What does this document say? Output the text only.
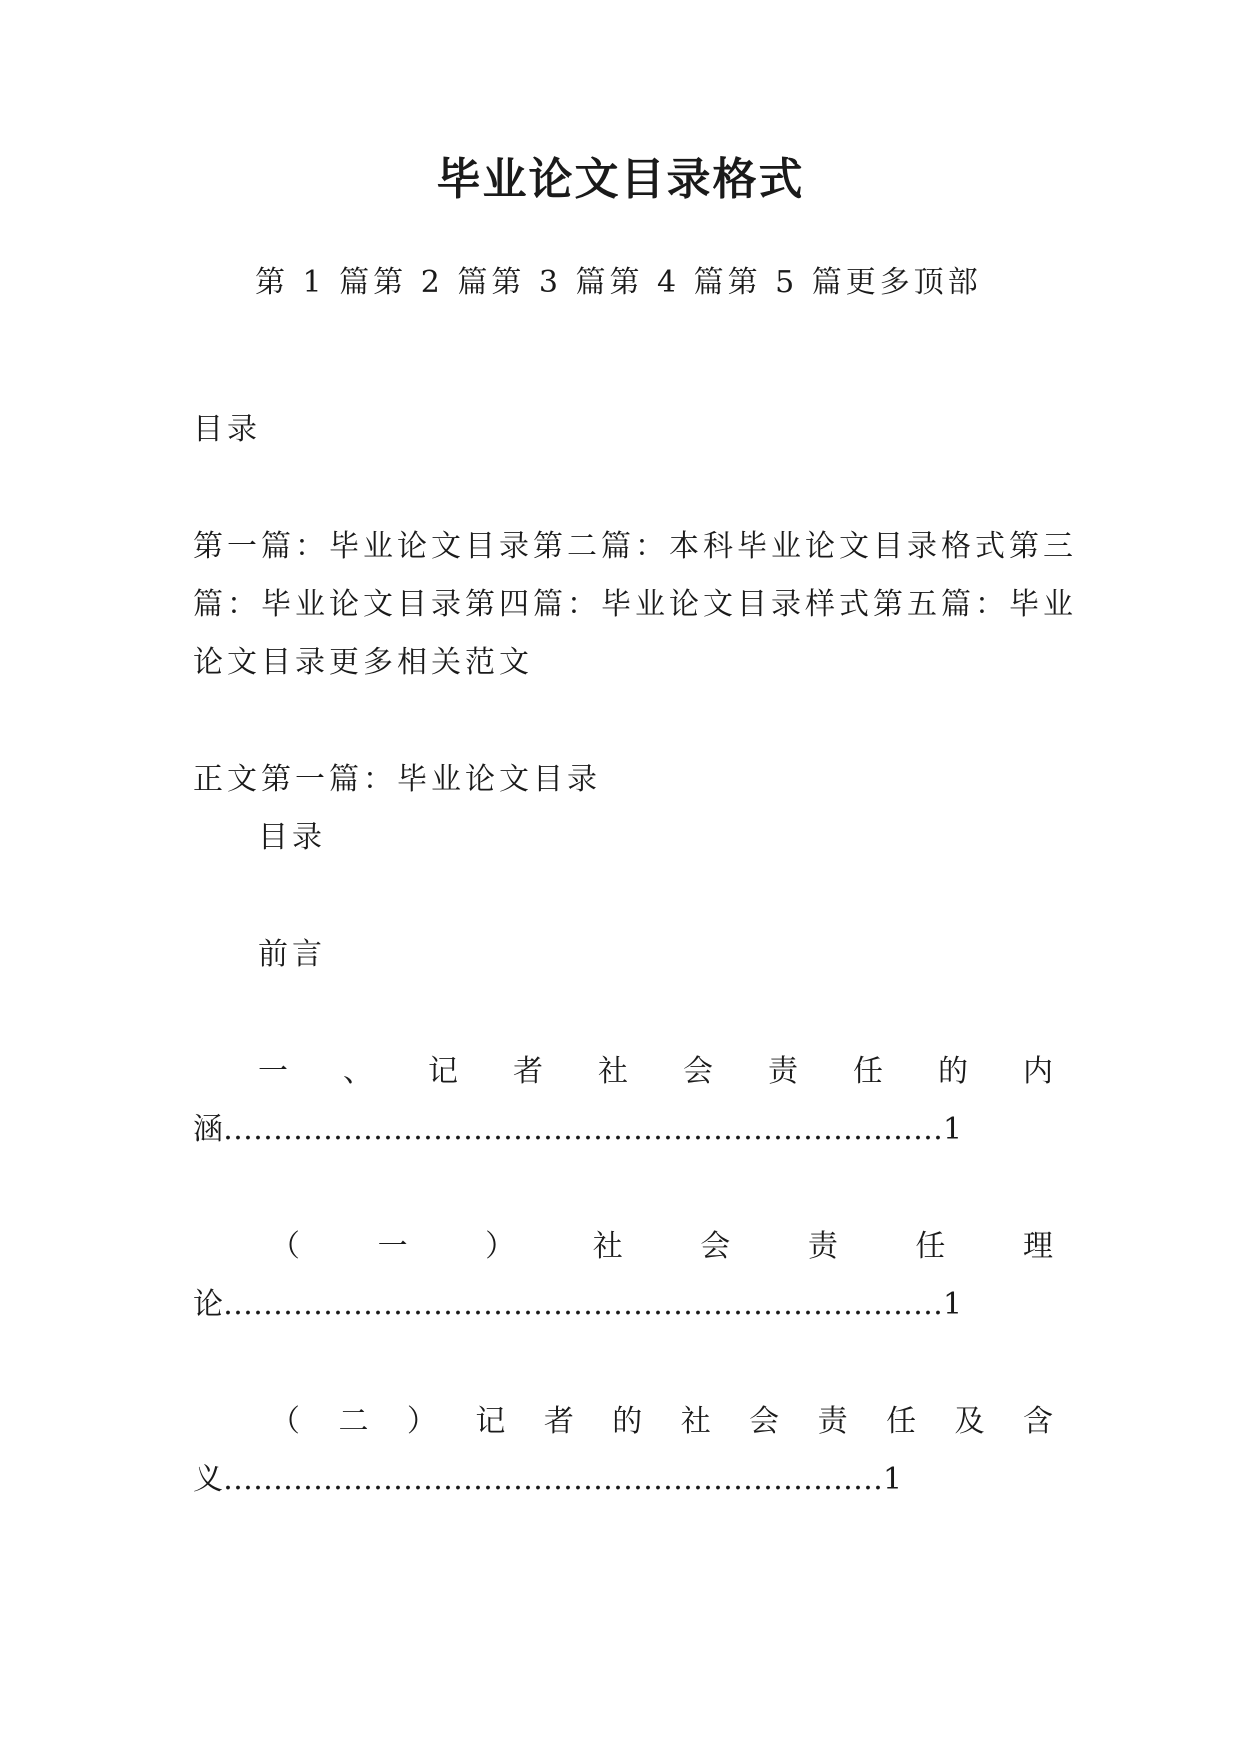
毕业论文目录格式
第 1 篇第 2 篇第 3 篇第 4 篇第 5 篇更多顶部
目录
第一篇：毕业论文目录第二篇：本科毕业论文目录格式第三
篇：毕业论文目录第四篇：毕业论文目录样式第五篇：毕业
论文目录更多相关范文
正文第一篇：毕业论文目录
目录
前言
一 、 记 者 社 会 责 任 的 内
涵………………………………………………………………1
（	一	）	社	会	责	任	理
论………………………………………………………………1
（ 二 ） 记 者 的 社 会 责 任 及 含
义…………………………………………………………1
